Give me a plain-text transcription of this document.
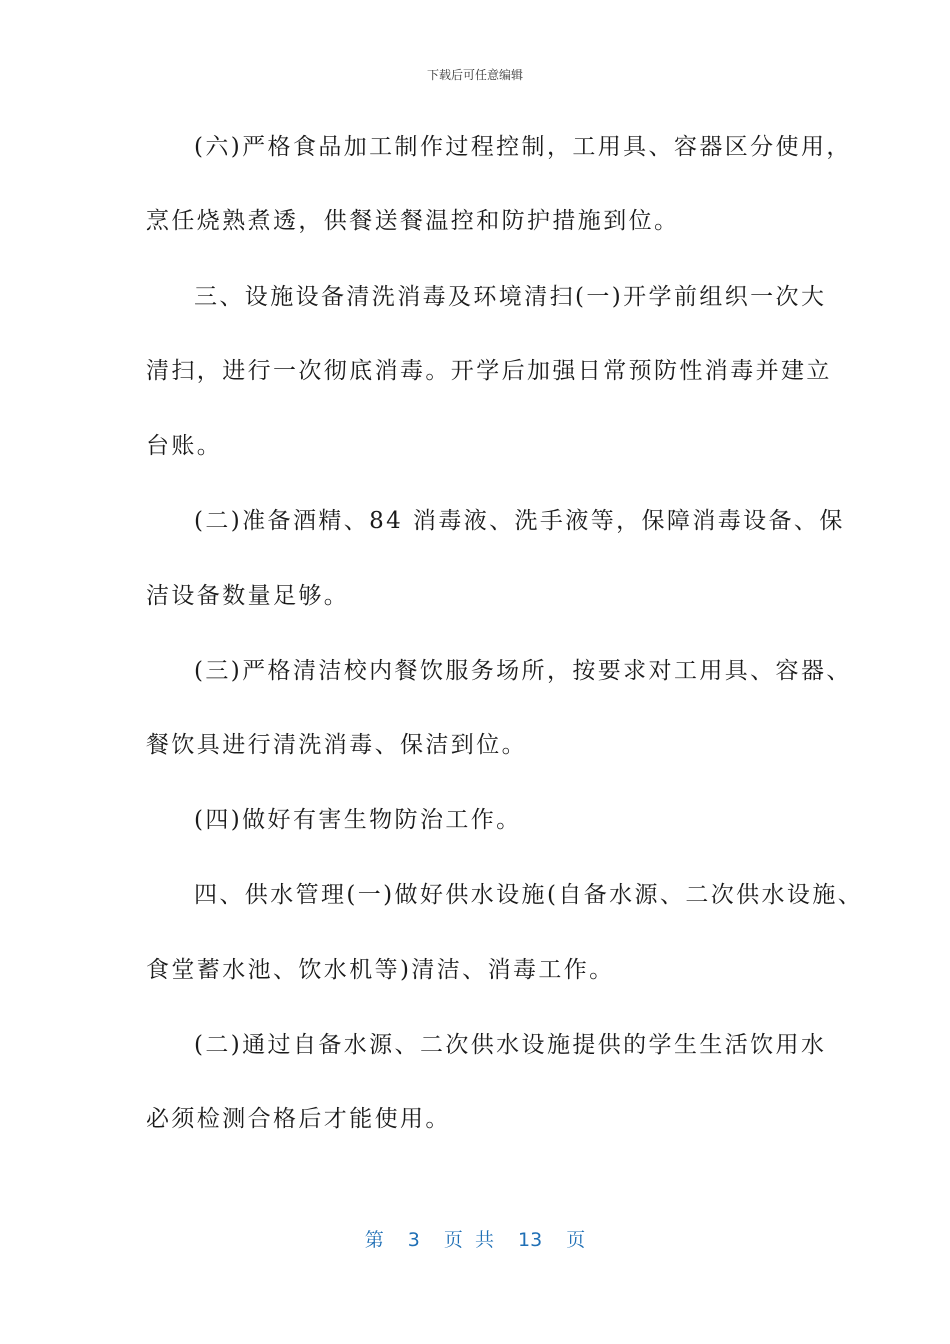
下载后可任意编辑
(六)严格食品加工制作过程控制，工用具、容器区分使用，
烹任烧熟煮透，供餐送餐温控和防护措施到位。
三、设施设备清洗消毒及环境清扫(一)开学前组织一次大
清扫，进行一次彻底消毒。开学后加强日常预防性消毒并建立
台账。
(二)准备酒精、84 消毒液、洗手液等，保障消毒设备、保
洁设备数量足够。
(三)严格清洁校内餐饮服务场所，按要求对工用具、容器、
餐饮具进行清洗消毒、保洁到位。
(四)做好有害生物防治工作。
四、供水管理(一)做好供水设施(自备水源、二次供水设施、
食堂蓄水池、饮水机等)清洁、消毒工作。
(二)通过自备水源、二次供水设施提供的学生生活饮用水
必须检测合格后才能使用。
第 3 页 共 13 页
